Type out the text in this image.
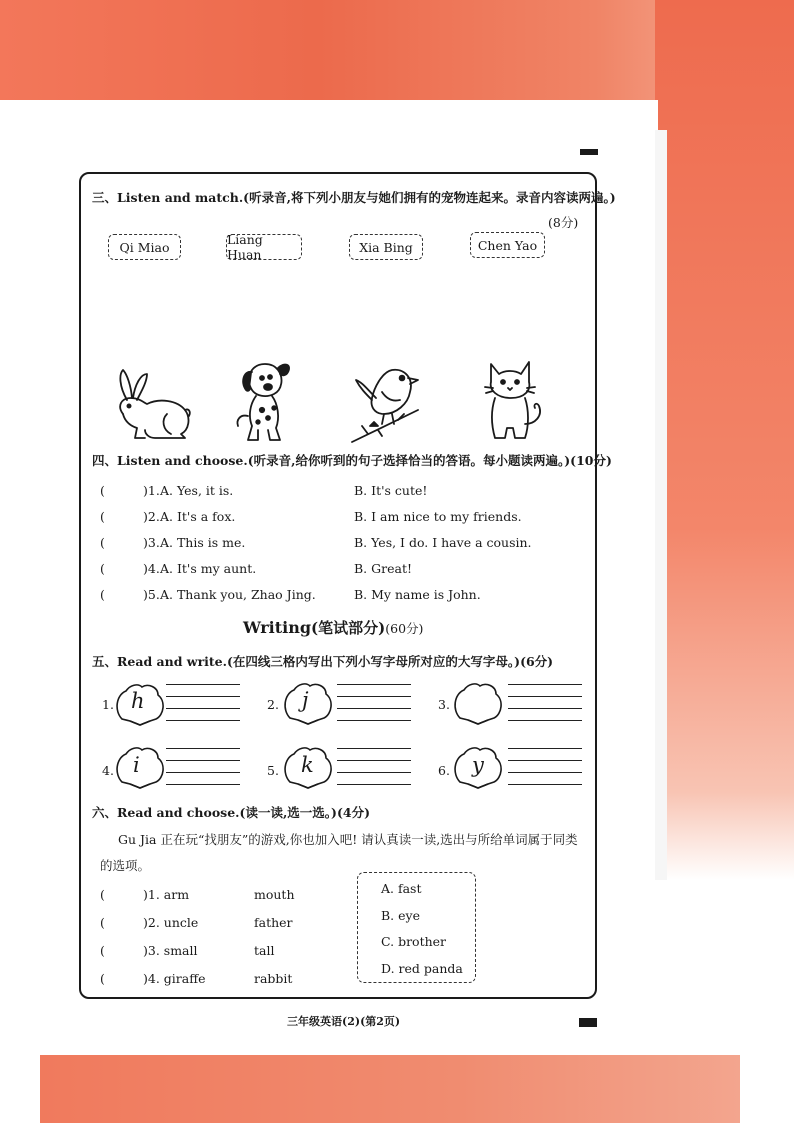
三、Listen and match.(听录音,将下列小朋友与她们拥有的宠物连起来。录音内容读两遍。)
(8分)
Qi Miao	Liang Huan	Xia Bing	Chen Yao
四、Listen and choose.(听录音,给你听到的句子选择恰当的答语。每小题读两遍。)(10分)
(	)1. A. Yes, it is.	B. It's cute!
(	)2. A. It's a fox.	B. I am nice to my friends.
(	)3. A. This is me.	B. Yes, I do. I have a cousin.
(	)4. A. It's my aunt.	B. Great!
(	)5. A. Thank you, Zhao Jing.	B. My name is John.
Writing(笔试部分)(60分)
五、Read and write.(在四线三格内写出下列小写字母所对应的大写字母。)(6分)
1. h	2. j	3.
4. i	5. k	6. y
六、Read and choose.(读一读,选一选。)(4分)
Gu Jia 正在玩“找朋友”的游戏,你也加入吧! 请认真读一读,选出与所给单词属于同类
的选项。
(	)1. arm	mouth
(	)2. uncle	father
(	)3. small	tall
(	)4. giraffe	rabbit
A. fast
B. eye
C. brother
D. red panda
三年级英语(2)(第2页)
